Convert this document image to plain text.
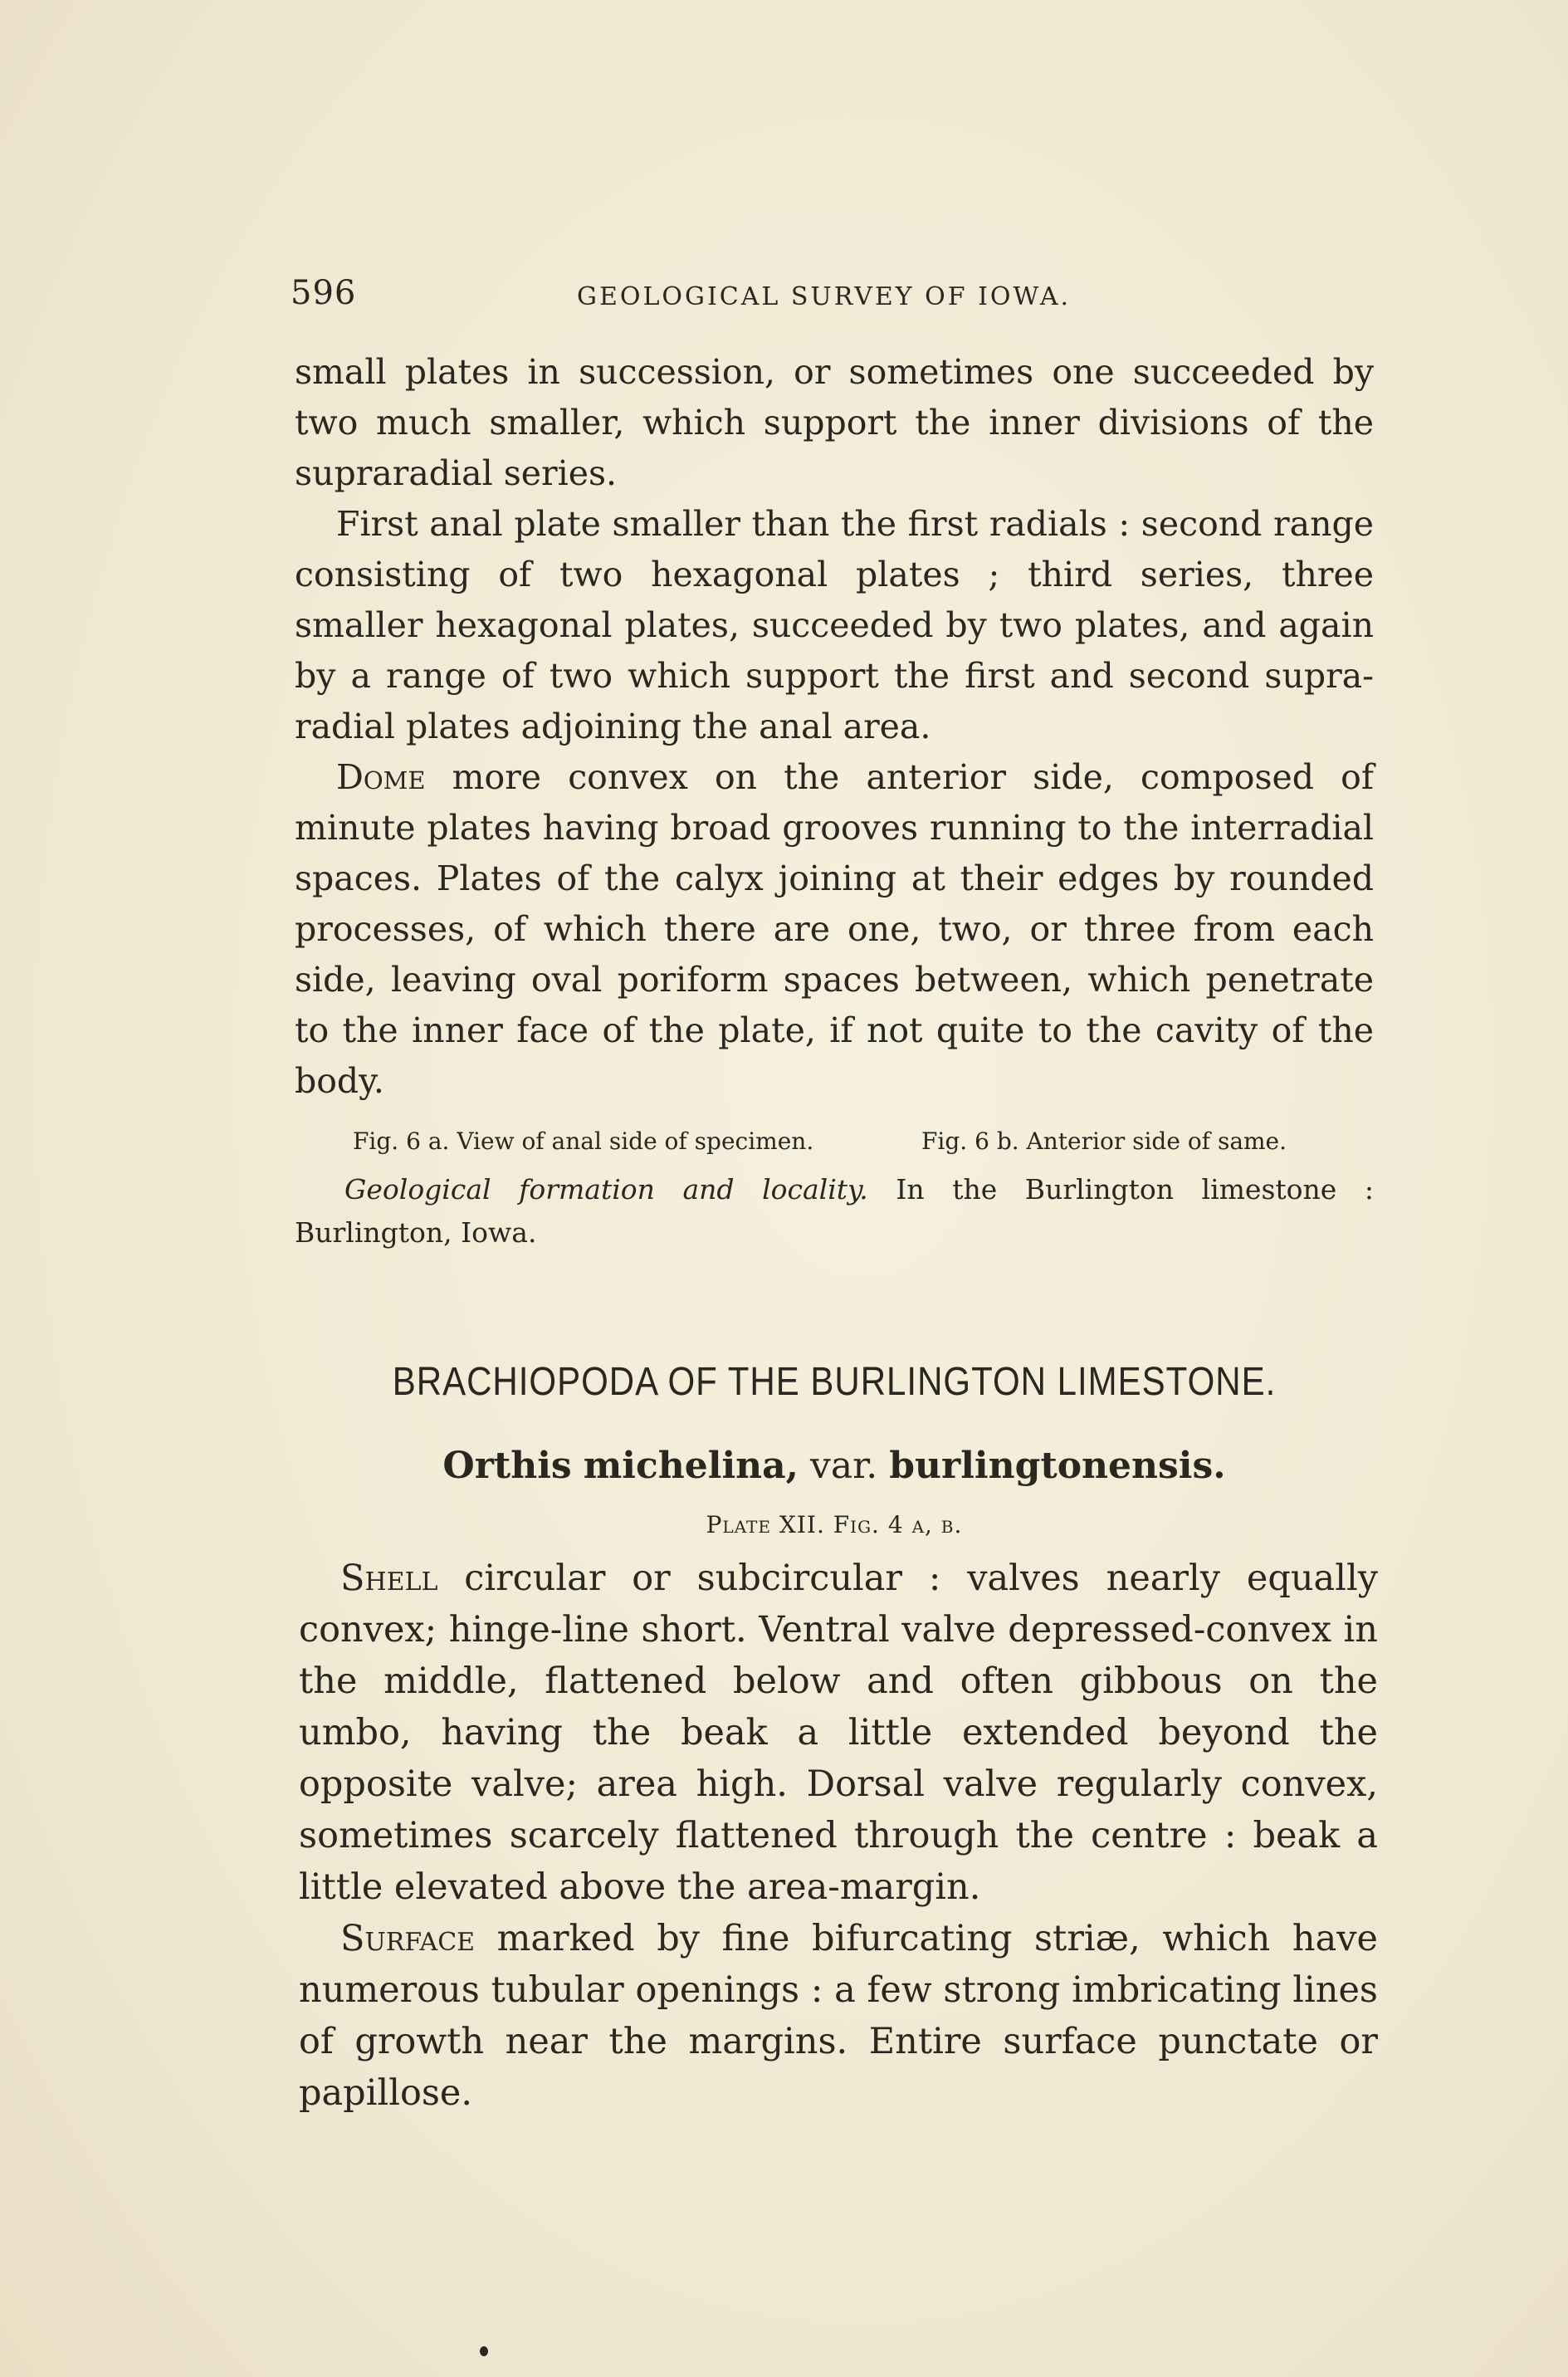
596	GEOLOGICAL SURVEY OF IOWA.

small plates in succession, or sometimes one succeeded by two much smaller, which support the inner divisions of the supraradial series.

First anal plate smaller than the first radials : second range consisting of two hexagonal plates ; third series, three smaller hexagonal plates, succeeded by two plates, and again by a range of two which support the first and second supra-radial plates adjoining the anal area.

Dome more convex on the anterior side, composed of minute plates having broad grooves running to the interradial spaces. Plates of the calyx joining at their edges by rounded processes, of which there are one, two, or three from each side, leaving oval poriform spaces between, which penetrate to the inner face of the plate, if not quite to the cavity of the body.

Fig. 6 a. View of anal side of specimen.	Fig. 6 b. Anterior side of same.

Geological formation and locality. In the Burlington limestone : Burlington, Iowa.

BRACHIOPODA OF THE BURLINGTON LIMESTONE.
Orthis michelina, var. burlingtonensis.
Plate XII. Fig. 4 a, b.

Shell circular or subcircular : valves nearly equally convex; hinge-line short. Ventral valve depressed-convex in the middle, flattened below and often gibbous on the umbo, having the beak a little extended beyond the opposite valve; area high. Dorsal valve regularly convex, sometimes scarcely flattened through the centre : beak a little elevated above the area-margin.

Surface marked by fine bifurcating striæ, which have numerous tubular openings : a few strong imbricating lines of growth near the margins. Entire surface punctate or papillose.
